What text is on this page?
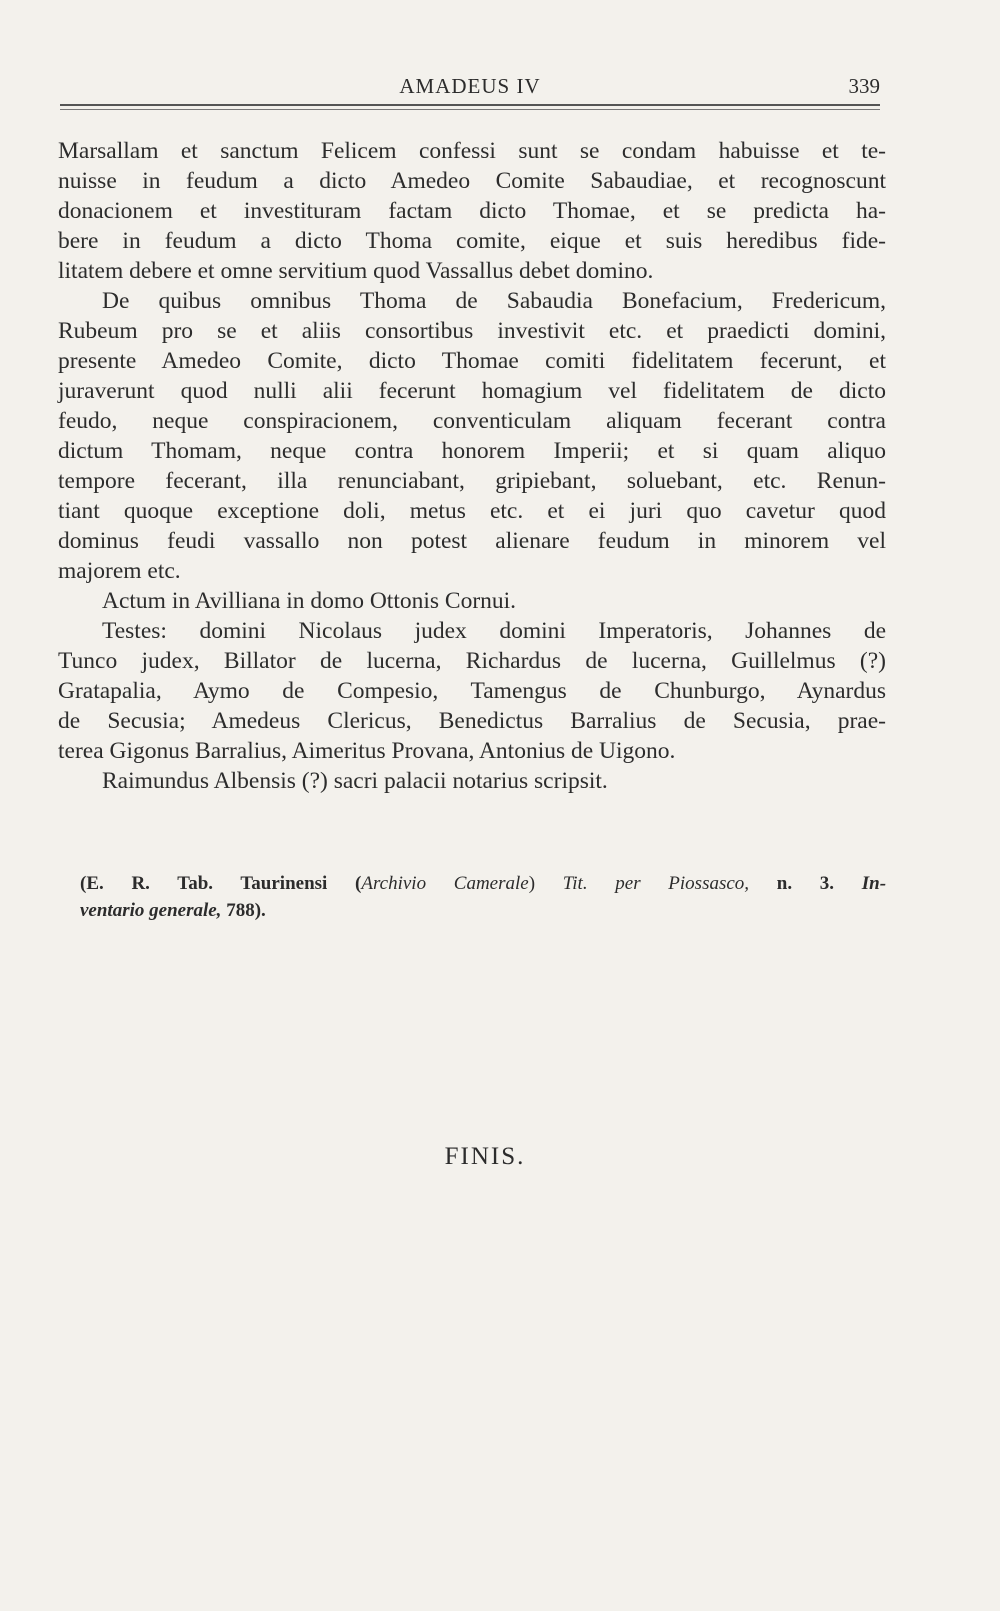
AMADEUS IV	339
Marsallam et sanctum Felicem confessi sunt se condam habuisse et te-
nuisse in feudum a dicto Amedeo Comite Sabaudiae, et recognoscunt
donacionem et investituram factam dicto Thomae, et se predicta ha-
bere in feudum a dicto Thoma comite, eique et suis heredibus fide-
litatem debere et omne servitium quod Vassallus debet domino.
De quibus omnibus Thoma de Sabaudia Bonefacium, Fredericum,
Rubeum pro se et aliis consortibus investivit etc. et praedicti domini,
presente Amedeo Comite, dicto Thomae comiti fidelitatem fecerunt, et
juraverunt quod nulli alii fecerunt homagium vel fidelitatem de dicto
feudo, neque conspiracionem, conventiculam aliquam fecerant contra
dictum Thomam, neque contra honorem Imperii; et si quam aliquo
tempore fecerant, illa renunciabant, gripiebant, soluebant, etc. Renun-
tiant quoque exceptione doli, metus etc. et ei juri quo cavetur quod
dominus feudi vassallo non potest alienare feudum in minorem vel
majorem etc.
Actum in Avilliana in domo Ottonis Cornui.
Testes: domini Nicolaus judex domini Imperatoris, Johannes de
Tunco judex, Billator de lucerna, Richardus de lucerna, Guillelmus (?)
Gratapalia, Aymo de Compesio, Tamengus de Chunburgo, Aynardus
de Secusia; Amedeus Clericus, Benedictus Barralius de Secusia, prae-
terea Gigonus Barralius, Aimeritus Provana, Antonius de Uigono.
Raimundus Albensis (?) sacri palacii notarius scripsit.
(E. R. Tab. Taurinensi (Archivio Camerale) Tit. per Piossasco, n. 3. In-
ventario generale, 788).
FINIS.
